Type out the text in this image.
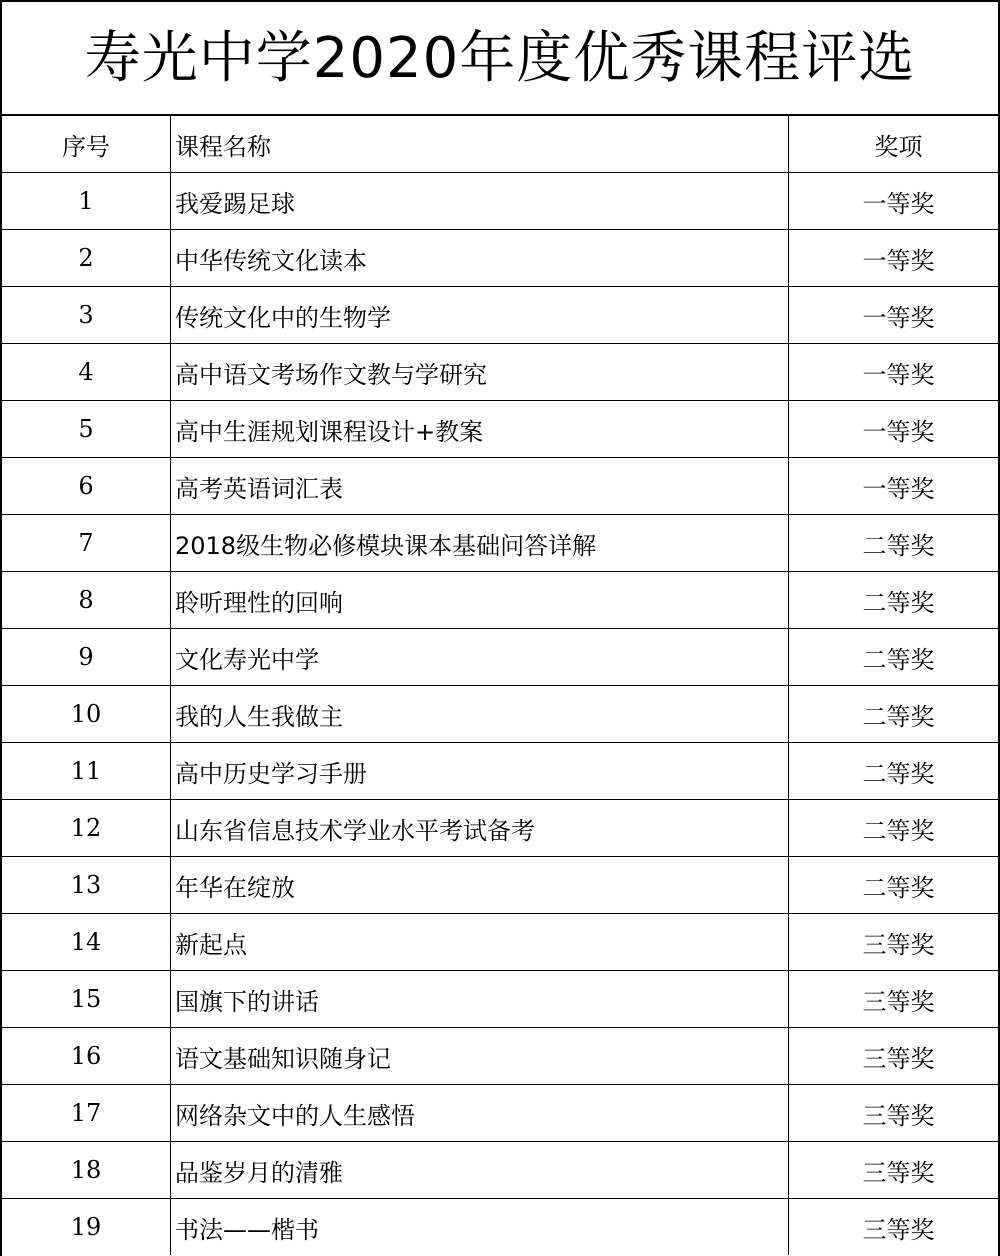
寿光中学2020年度优秀课程评选
序号	课程名称	奖项
1	我爱踢足球	一等奖
2	中华传统文化读本	一等奖
3	传统文化中的生物学	一等奖
4	高中语文考场作文教与学研究	一等奖
5	高中生涯规划课程设计+教案	一等奖
6	高考英语词汇表	一等奖
7	2018级生物必修模块课本基础问答详解	二等奖
8	聆听理性的回响	二等奖
9	文化寿光中学	二等奖
10	我的人生我做主	二等奖
11	高中历史学习手册	二等奖
12	山东省信息技术学业水平考试备考	二等奖
13	年华在绽放	二等奖
14	新起点	三等奖
15	国旗下的讲话	三等奖
16	语文基础知识随身记	三等奖
17	网络杂文中的人生感悟	三等奖
18	品鉴岁月的清雅	三等奖
19	书法——楷书	三等奖
